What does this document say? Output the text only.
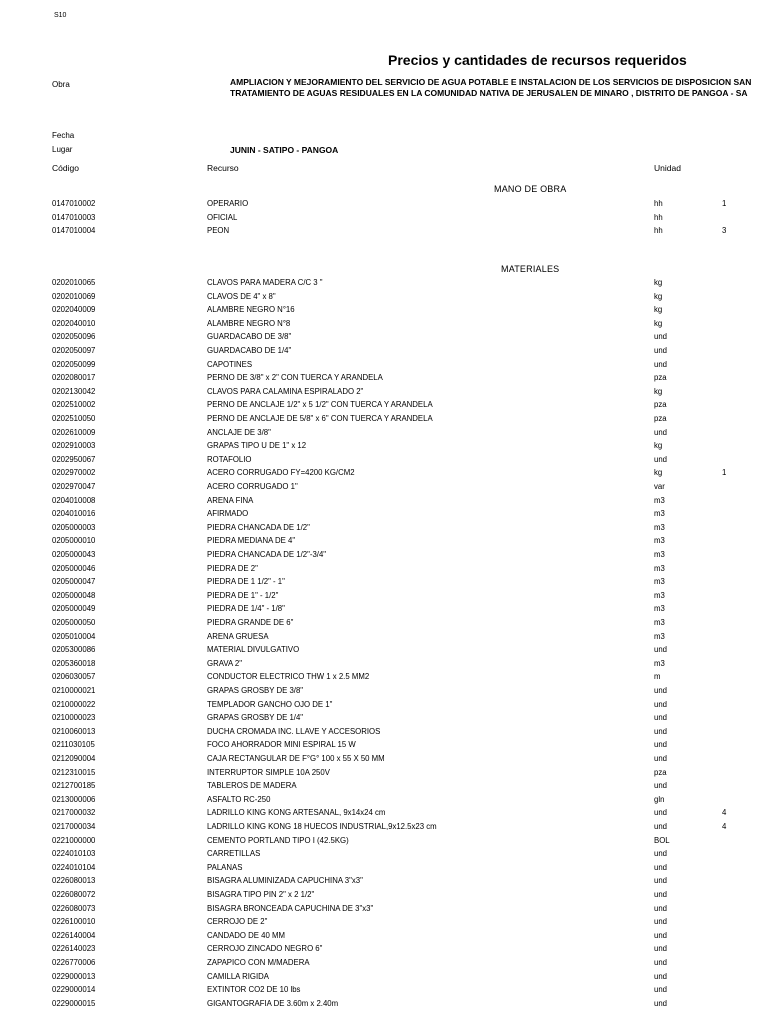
S10
Precios y cantidades de recursos requeridos
Obra	AMPLIACION Y MEJORAMIENTO DEL SERVICIO DE AGUA POTABLE E INSTALACION DE LOS SERVICIOS DE DISPOSICION SAN
TRATAMIENTO DE AGUAS RESIDUALES EN LA COMUNIDAD NATIVA DE JERUSALEN DE MINARO , DISTRITO DE PANGOA - SA
Fecha
Lugar	JUNIN - SATIPO - PANGOA
Código	Recurso	Unidad
MANO DE OBRA
0147010002	OPERARIO	hh	1
0147010003	OFICIAL	hh
0147010004	PEON	hh	3
MATERIALES
0202010065	CLAVOS PARA MADERA C/C 3 "	kg
0202010069	CLAVOS DE 4" x 8"	kg
0202040009	ALAMBRE NEGRO N°16	kg
0202040010	ALAMBRE NEGRO N°8	kg
0202050096	GUARDACABO DE 3/8"	und
0202050097	GUARDACABO DE 1/4"	und
0202050099	CAPOTINES	und
0202080017	PERNO DE 3/8" x 2" CON TUERCA Y ARANDELA	pza
0202130042	CLAVOS PARA CALAMINA ESPIRALADO 2"	kg
0202510002	PERNO DE ANCLAJE 1/2" x 5 1/2" CON TUERCA Y ARANDELA	pza
0202510050	PERNO DE ANCLAJE DE 5/8" x 6" CON TUERCA Y ARANDELA	pza
0202610009	ANCLAJE DE 3/8"	und
0202910003	GRAPAS TIPO U DE 1" x 12	kg
0202950067	ROTAFOLIO	und
0202970002	ACERO CORRUGADO FY=4200 KG/CM2	kg	1
0202970047	ACERO CORRUGADO 1"	var
0204010008	ARENA FINA	m3
0204010016	AFIRMADO	m3
0205000003	PIEDRA CHANCADA DE 1/2"	m3
0205000010	PIEDRA MEDIANA DE 4"	m3
0205000043	PIEDRA CHANCADA DE 1/2"-3/4"	m3
0205000046	PIEDRA DE 2"	m3
0205000047	PIEDRA DE 1 1/2" - 1"	m3
0205000048	PIEDRA DE 1" - 1/2"	m3
0205000049	PIEDRA DE 1/4" - 1/8"	m3
0205000050	PIEDRA GRANDE DE 6"	m3
0205010004	ARENA GRUESA	m3
0205300086	MATERIAL DIVULGATIVO	und
0205360018	GRAVA 2"	m3
0206030057	CONDUCTOR ELECTRICO THW 1 x 2.5 MM2	m
0210000021	GRAPAS GROSBY DE 3/8"	und
0210000022	TEMPLADOR GANCHO OJO DE 1"	und
0210000023	GRAPAS GROSBY DE 1/4"	und
0210060013	DUCHA CROMADA INC. LLAVE Y ACCESORIOS	und
0211030105	FOCO AHORRADOR MINI ESPIRAL 15 W	und
0212090004	CAJA RECTANGULAR DE F°G° 100 x 55 X 50 MM	und
0212310015	INTERRUPTOR SIMPLE 10A 250V	pza
0212700185	TABLEROS DE MADERA	und
0213000006	ASFALTO RC-250	gln
0217000032	LADRILLO KING KONG ARTESANAL, 9x14x24 cm	und	4
0217000034	LADRILLO KING KONG 18 HUECOS INDUSTRIAL,9x12.5x23 cm	und	4
0221000000	CEMENTO PORTLAND TIPO I (42.5KG)	BOL
0224010103	CARRETILLAS	und
0224010104	PALANAS	und
0226080013	BISAGRA ALUMINIZADA CAPUCHINA 3"x3"	und
0226080072	BISAGRA TIPO PIN 2" x 2 1/2"	und
0226080073	BISAGRA BRONCEADA CAPUCHINA DE 3"x3"	und
0226100010	CERROJO DE 2"	und
0226140004	CANDADO DE 40 MM	und
0226140023	CERROJO ZINCADO NEGRO 6"	und
0226770006	ZAPAPICO CON M/MADERA	und
0229000013	CAMILLA RIGIDA	und
0229000014	EXTINTOR CO2 DE 10 lbs	und
0229000015	GIGANTOGRAFIA DE 3.60m x 2.40m	und
